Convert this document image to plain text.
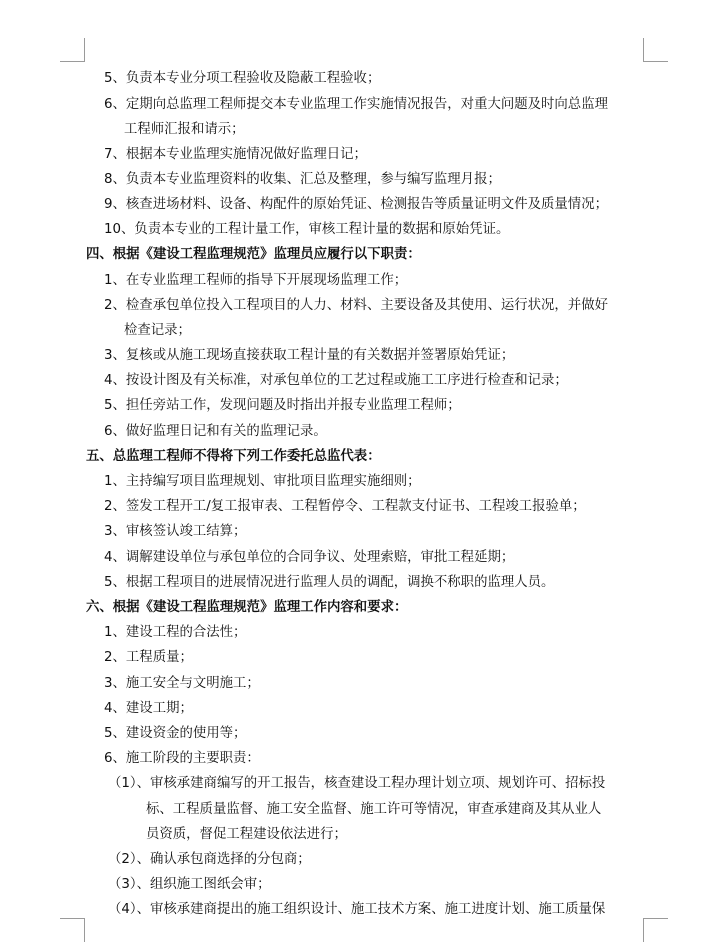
5、负责本专业分项工程验收及隐蔽工程验收；
6、定期向总监理工程师提交本专业监理工作实施情况报告，对重大问题及时向总监理
工程师汇报和请示；
7、根据本专业监理实施情况做好监理日记；
8、负责本专业监理资料的收集、汇总及整理，参与编写监理月报；
9、核查进场材料、设备、构配件的原始凭证、检测报告等质量证明文件及质量情况；
10、负责本专业的工程计量工作，审核工程计量的数据和原始凭证。
四、根据《建设工程监理规范》监理员应履行以下职责：
1、在专业监理工程师的指导下开展现场监理工作；
2、检查承包单位投入工程项目的人力、材料、主要设备及其使用、运行状况，并做好
检查记录；
3、复核或从施工现场直接获取工程计量的有关数据并签署原始凭证；
4、按设计图及有关标准，对承包单位的工艺过程或施工工序进行检查和记录；
5、担任旁站工作，发现问题及时指出并报专业监理工程师；
6、做好监理日记和有关的监理记录。
五、总监理工程师不得将下列工作委托总监代表：
1、主持编写项目监理规划、审批项目监理实施细则；
2、签发工程开工/复工报审表、工程暂停令、工程款支付证书、工程竣工报验单；
3、审核签认竣工结算；
4、调解建设单位与承包单位的合同争议、处理索赔，审批工程延期；
5、根据工程项目的进展情况进行监理人员的调配，调换不称职的监理人员。
六、根据《建设工程监理规范》监理工作内容和要求：
1、建设工程的合法性；
2、工程质量；
3、施工安全与文明施工；
4、建设工期；
5、建设资金的使用等；
6、施工阶段的主要职责：
（1）、审核承建商编写的开工报告，核查建设工程办理计划立项、规划许可、招标投
标、工程质量监督、施工安全监督、施工许可等情况，审查承建商及其从业人
员资质，督促工程建设依法进行；
（2）、确认承包商选择的分包商；
（3）、组织施工图纸会审；
（4）、审核承建商提出的施工组织设计、施工技术方案、施工进度计划、施工质量保
